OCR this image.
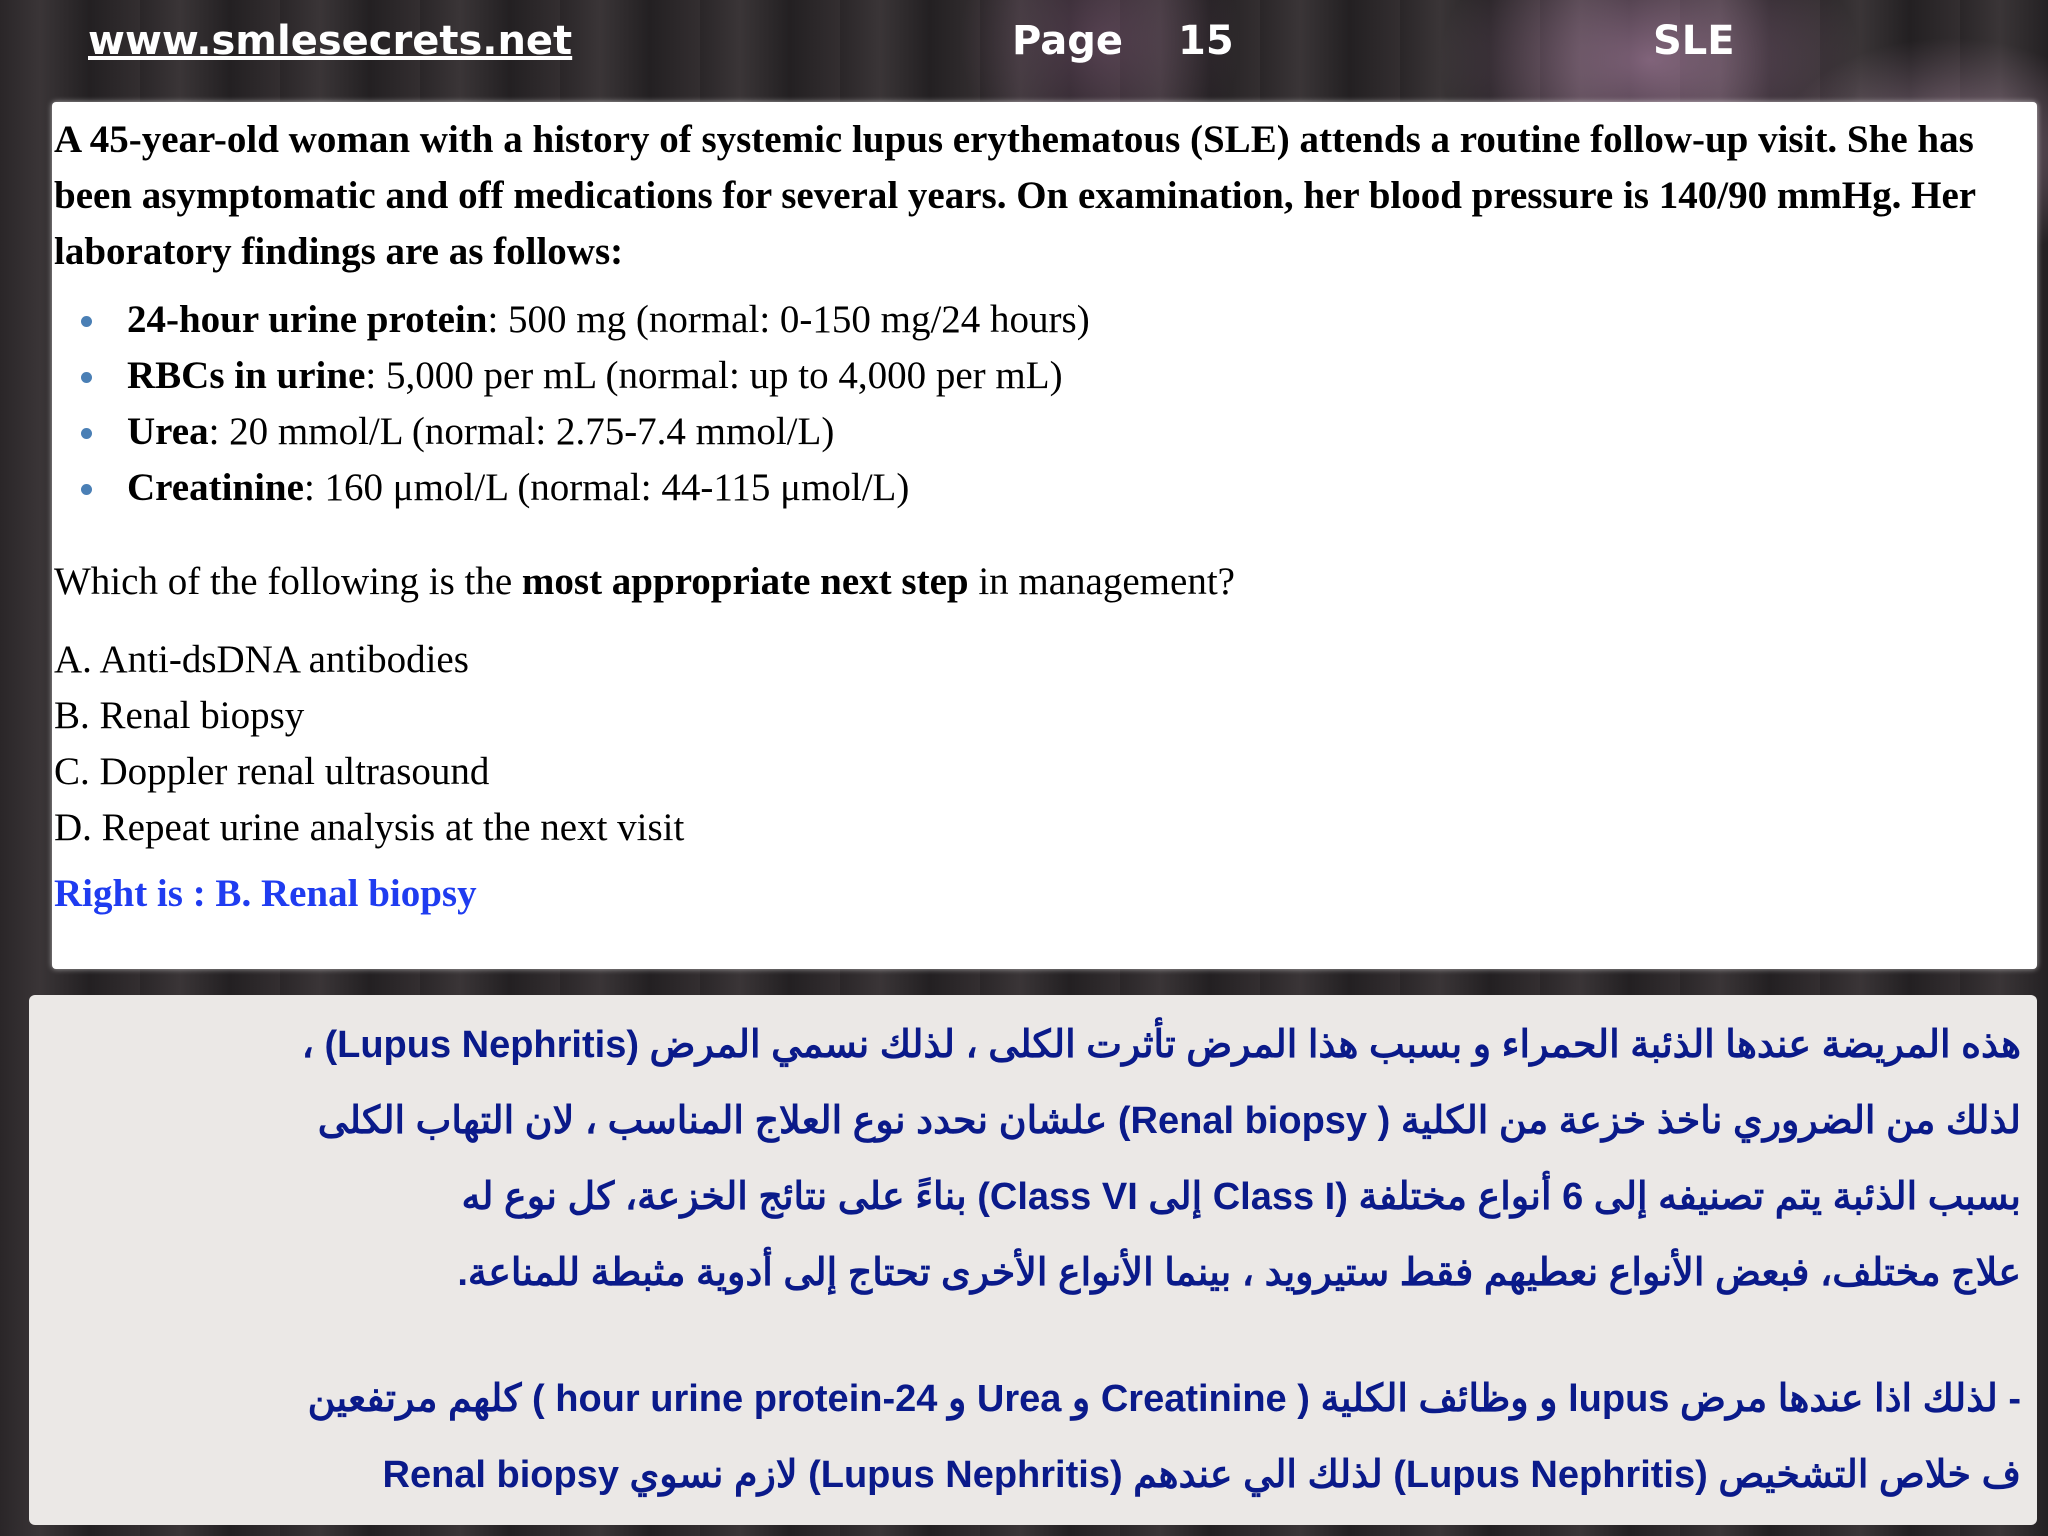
www.smlesecrets.net	Page 15	SLE

A 45-year-old woman with a history of systemic lupus erythematous (SLE) attends a routine follow-up visit. She has been asymptomatic and off medications for several years. On examination, her blood pressure is 140/90 mmHg. Her laboratory findings are as follows:

24-hour urine protein: 500 mg (normal: 0-150 mg/24 hours)
RBCs in urine: 5,000 per mL (normal: up to 4,000 per mL)
Urea: 20 mmol/L (normal: 2.75-7.4 mmol/L)
Creatinine: 160 μmol/L (normal: 44-115 μmol/L)

Which of the following is the most appropriate next step in management?

A. Anti-dsDNA antibodies
B. Renal biopsy
C. Doppler renal ultrasound
D. Repeat urine analysis at the next visit
Right is : B. Renal biopsy
هذه المريضة عندها الذئبة الحمراء و بسبب هذا المرض تأثرت الكلى ، لذلك نسمي المرض (Lupus Nephritis) ،
لذلك من الضروري ناخذ خزعة من الكلية ( Renal biopsy) علشان نحدد نوع العلاج المناسب ، لان التهاب الكلى
بسبب الذئبة يتم تصنيفه إلى 6 أنواع مختلفة (Class I إلى Class VI) بناءً على نتائج الخزعة، كل نوع له
علاج مختلف، فبعض الأنواع نعطيهم فقط ستيرويد ، بينما الأنواع الأخرى تحتاج إلى أدوية مثبطة للمناعة.
- لذلك اذا عندها مرض lupus و وظائف الكلية ( Creatinine و Urea و 24-hour urine protein ) كلهم مرتفعين
ف خلاص التشخيص (Lupus Nephritis) لذلك الي عندهم (Lupus Nephritis) لازم نسوي Renal biopsy
